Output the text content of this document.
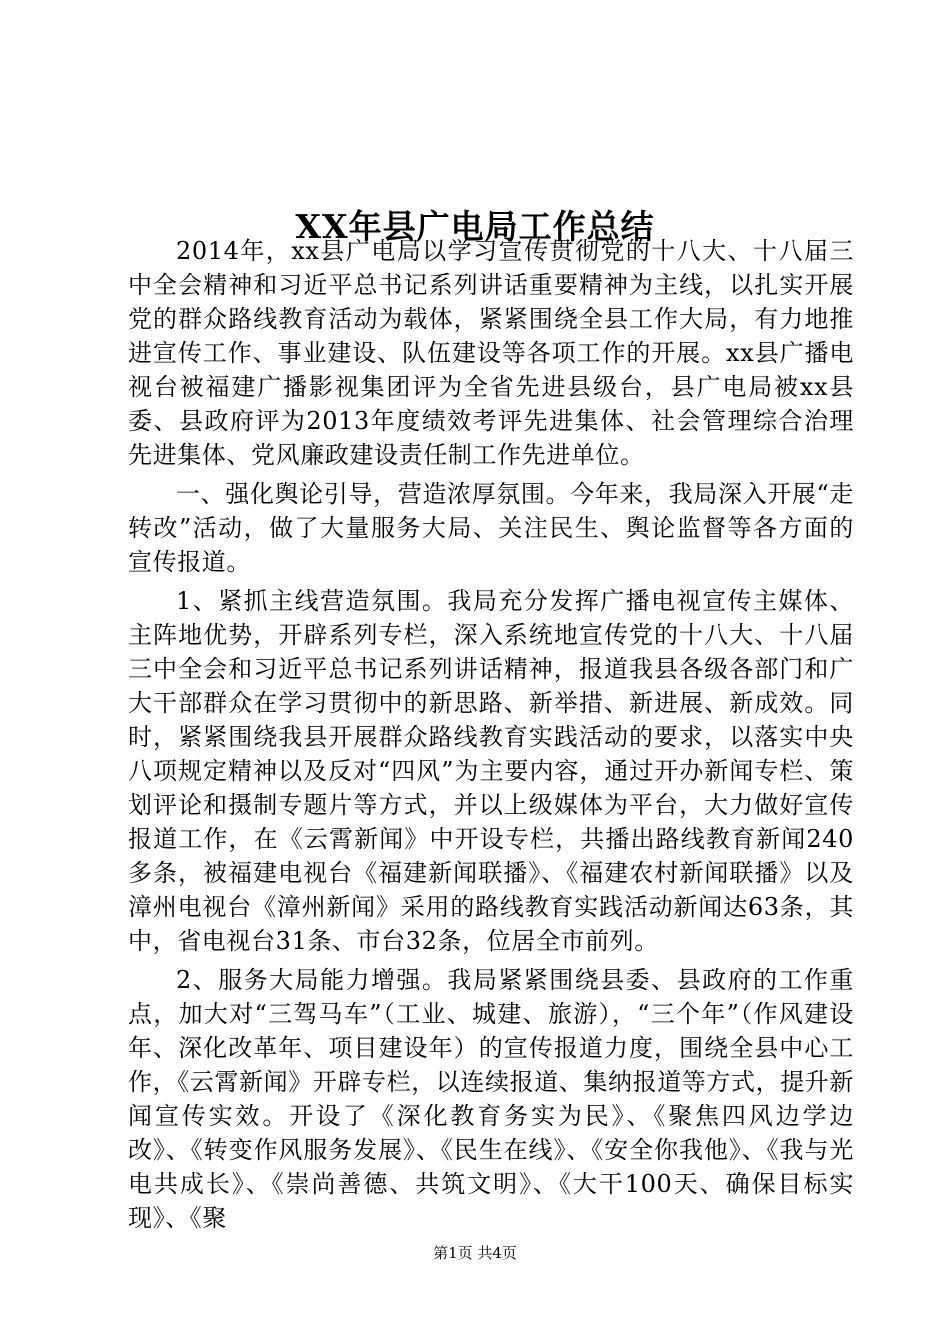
XX年县广电局工作总结

2014年，xx县广电局以学习宣传贯彻党的十八大、十八届三中全会精神和习近平总书记系列讲话重要精神为主线，以扎实开展党的群众路线教育活动为载体，紧紧围绕全县工作大局，有力地推进宣传工作、事业建设、队伍建设等各项工作的开展。xx县广播电视台被福建广播影视集团评为全省先进县级台，县广电局被xx县委、县政府评为2013年度绩效考评先进集体、社会管理综合治理先进集体、党风廉政建设责任制工作先进单位。

一、强化舆论引导，营造浓厚氛围。今年来，我局深入开展“走转改”活动，做了大量服务大局、关注民生、舆论监督等各方面的宣传报道。

1、紧抓主线营造氛围。我局充分发挥广播电视宣传主媒体、主阵地优势，开辟系列专栏，深入系统地宣传党的十八大、十八届三中全会和习近平总书记系列讲话精神，报道我县各级各部门和广大干部群众在学习贯彻中的新思路、新举措、新进展、新成效。同时，紧紧围绕我县开展群众路线教育实践活动的要求，以落实中央八项规定精神以及反对“四风”为主要内容，通过开办新闻专栏、策划评论和摄制专题片等方式，并以上级媒体为平台，大力做好宣传报道工作，在《云霄新闻》中开设专栏，共播出路线教育新闻240多条，被福建电视台《福建新闻联播》、《福建农村新闻联播》以及漳州电视台《漳州新闻》采用的路线教育实践活动新闻达63条，其中，省电视台31条、市台32条，位居全市前列。

2、服务大局能力增强。我局紧紧围绕县委、县政府的工作重点，加大对“三驾马车”（工业、城建、旅游），“三个年”（作风建设年、深化改革年、项目建设年）的宣传报道力度，围绕全县中心工作，《云霄新闻》开辟专栏，以连续报道、集纳报道等方式，提升新闻宣传实效。开设了《深化教育务实为民》、《聚焦四风边学边改》、《转变作风服务发展》、《民生在线》、《安全你我他》、《我与光电共成长》、《崇尚善德、共筑文明》、《大干100天、确保目标实现》、《聚

第1页 共4页
